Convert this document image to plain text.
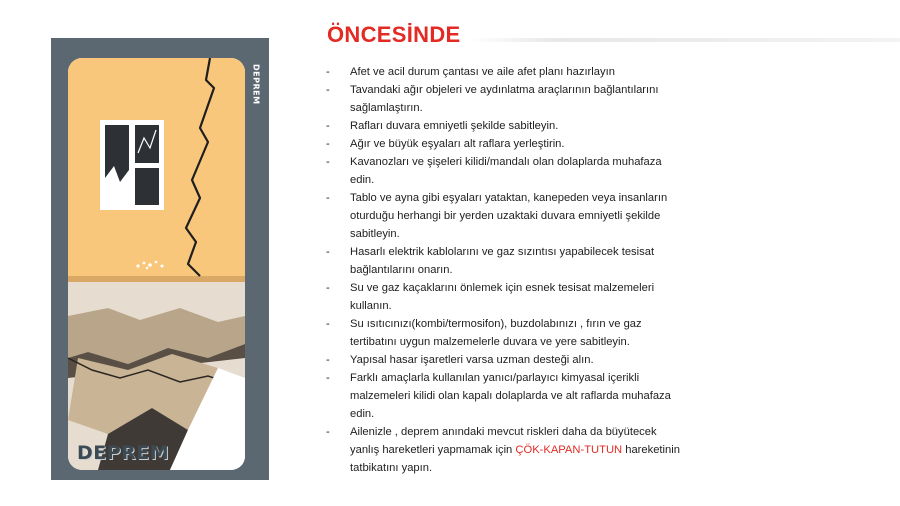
DEPREM
DEPREM
ÖNCESİNDE
- Afet ve acil durum çantası ve aile afet planı hazırlayın
- Tavandaki ağır objeleri ve aydınlatma araçlarının bağlantılarını sağlamlaştırın.
- Rafları duvara emniyetli şekilde sabitleyin.
- Ağır ve büyük eşyaları alt raflara yerleştirin.
- Kavanozları ve şişeleri kilidi/mandalı olan dolaplarda muhafaza edin.
- Tablo ve ayna gibi eşyaları yataktan, kanepeden veya insanların oturduğu herhangi bir yerden uzaktaki duvara emniyetli şekilde sabitleyin.
- Hasarlı elektrik kablolarını ve gaz sızıntısı yapabilecek tesisat bağlantılarını onarın.
- Su ve gaz kaçaklarını önlemek için esnek tesisat malzemeleri kullanın.
- Su ısıtıcınızı(kombi/termosifon), buzdolabınızı , fırın ve gaz tertibatını uygun malzemelerle duvara ve yere sabitleyin.
- Yapısal hasar işaretleri varsa uzman desteği alın.
- Farklı amaçlarla kullanılan yanıcı/parlayıcı kimyasal içerikli malzemeleri kilidi olan kapalı dolaplarda ve alt raflarda muhafaza edin.
- Ailenizle , deprem anındaki mevcut riskleri daha da büyütecek yanlış hareketleri yapmamak için ÇÖK-KAPAN-TUTUN hareketinin tatbikatını yapın.
